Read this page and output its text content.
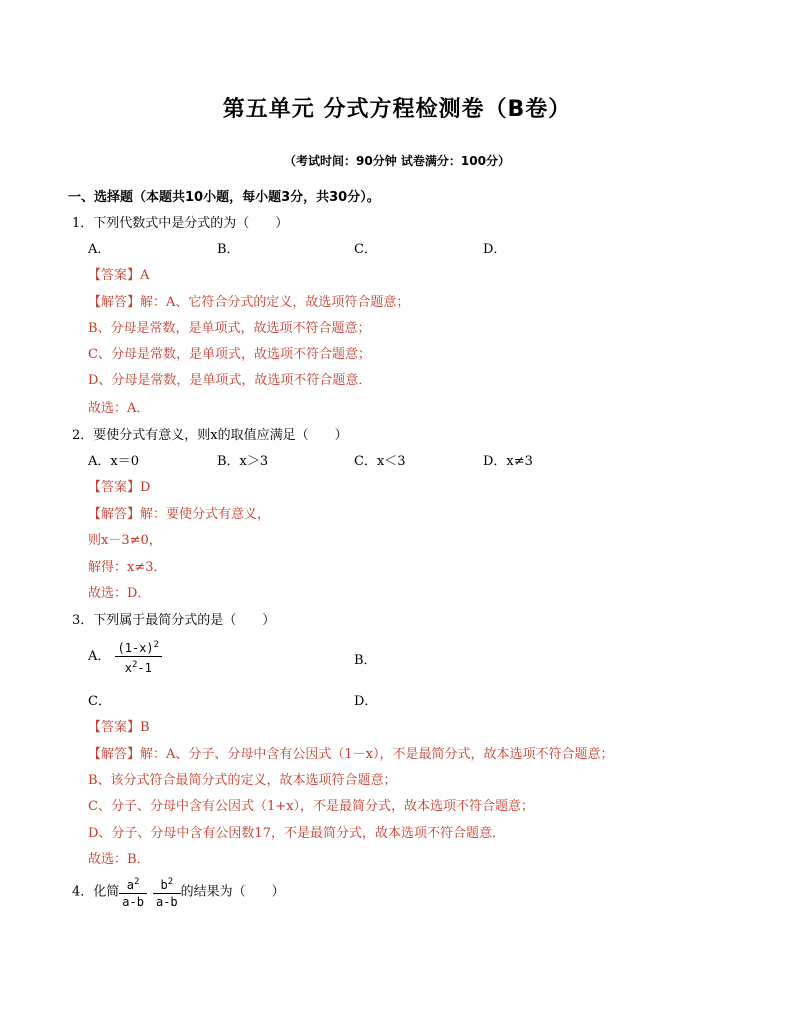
第五单元 分式方程检测卷（B卷）
（考试时间：90分钟 试卷满分：100分）
一、选择题（本题共10小题，每小题3分，共30分）。
1．下列代数式中是分式的为（　　）
A．	B．	C．	D．
【答案】A
【解答】解：A、它符合分式的定义，故选项符合题意；
B、分母是常数，是单项式，故选项不符合题意；
C、分母是常数，是单项式，故选项不符合题意；
D、分母是常数，是单项式，故选项不符合题意．
故选：A．
2．要使分式有意义，则x的取值应满足（　　）
A．x＝0	B．x＞3	C．x＜3	D．x≠3
【答案】D
【解答】解：要使分式有意义，
则x－3≠0，
解得：x≠3．
故选：D．
3．下列属于最简分式的是（　　）
A． $\frac{(1-x)^2}{x^2-1}$	B．
C．	D．
【答案】B
【解答】解：A、分子、分母中含有公因式（1－x），不是最简分式，故本选项不符合题意；
B、该分式符合最简分式的定义，故本选项符合题意；
C、分子、分母中含有公因式（1+x），不是最简分式，故本选项不符合题意；
D、分子、分母中含有公因数17，不是最简分式，故本选项不符合题意．
故选：B．
4．化简 $\frac{a^2}{a-b} \frac{b^2}{a-b}$ 的结果为（　　）
